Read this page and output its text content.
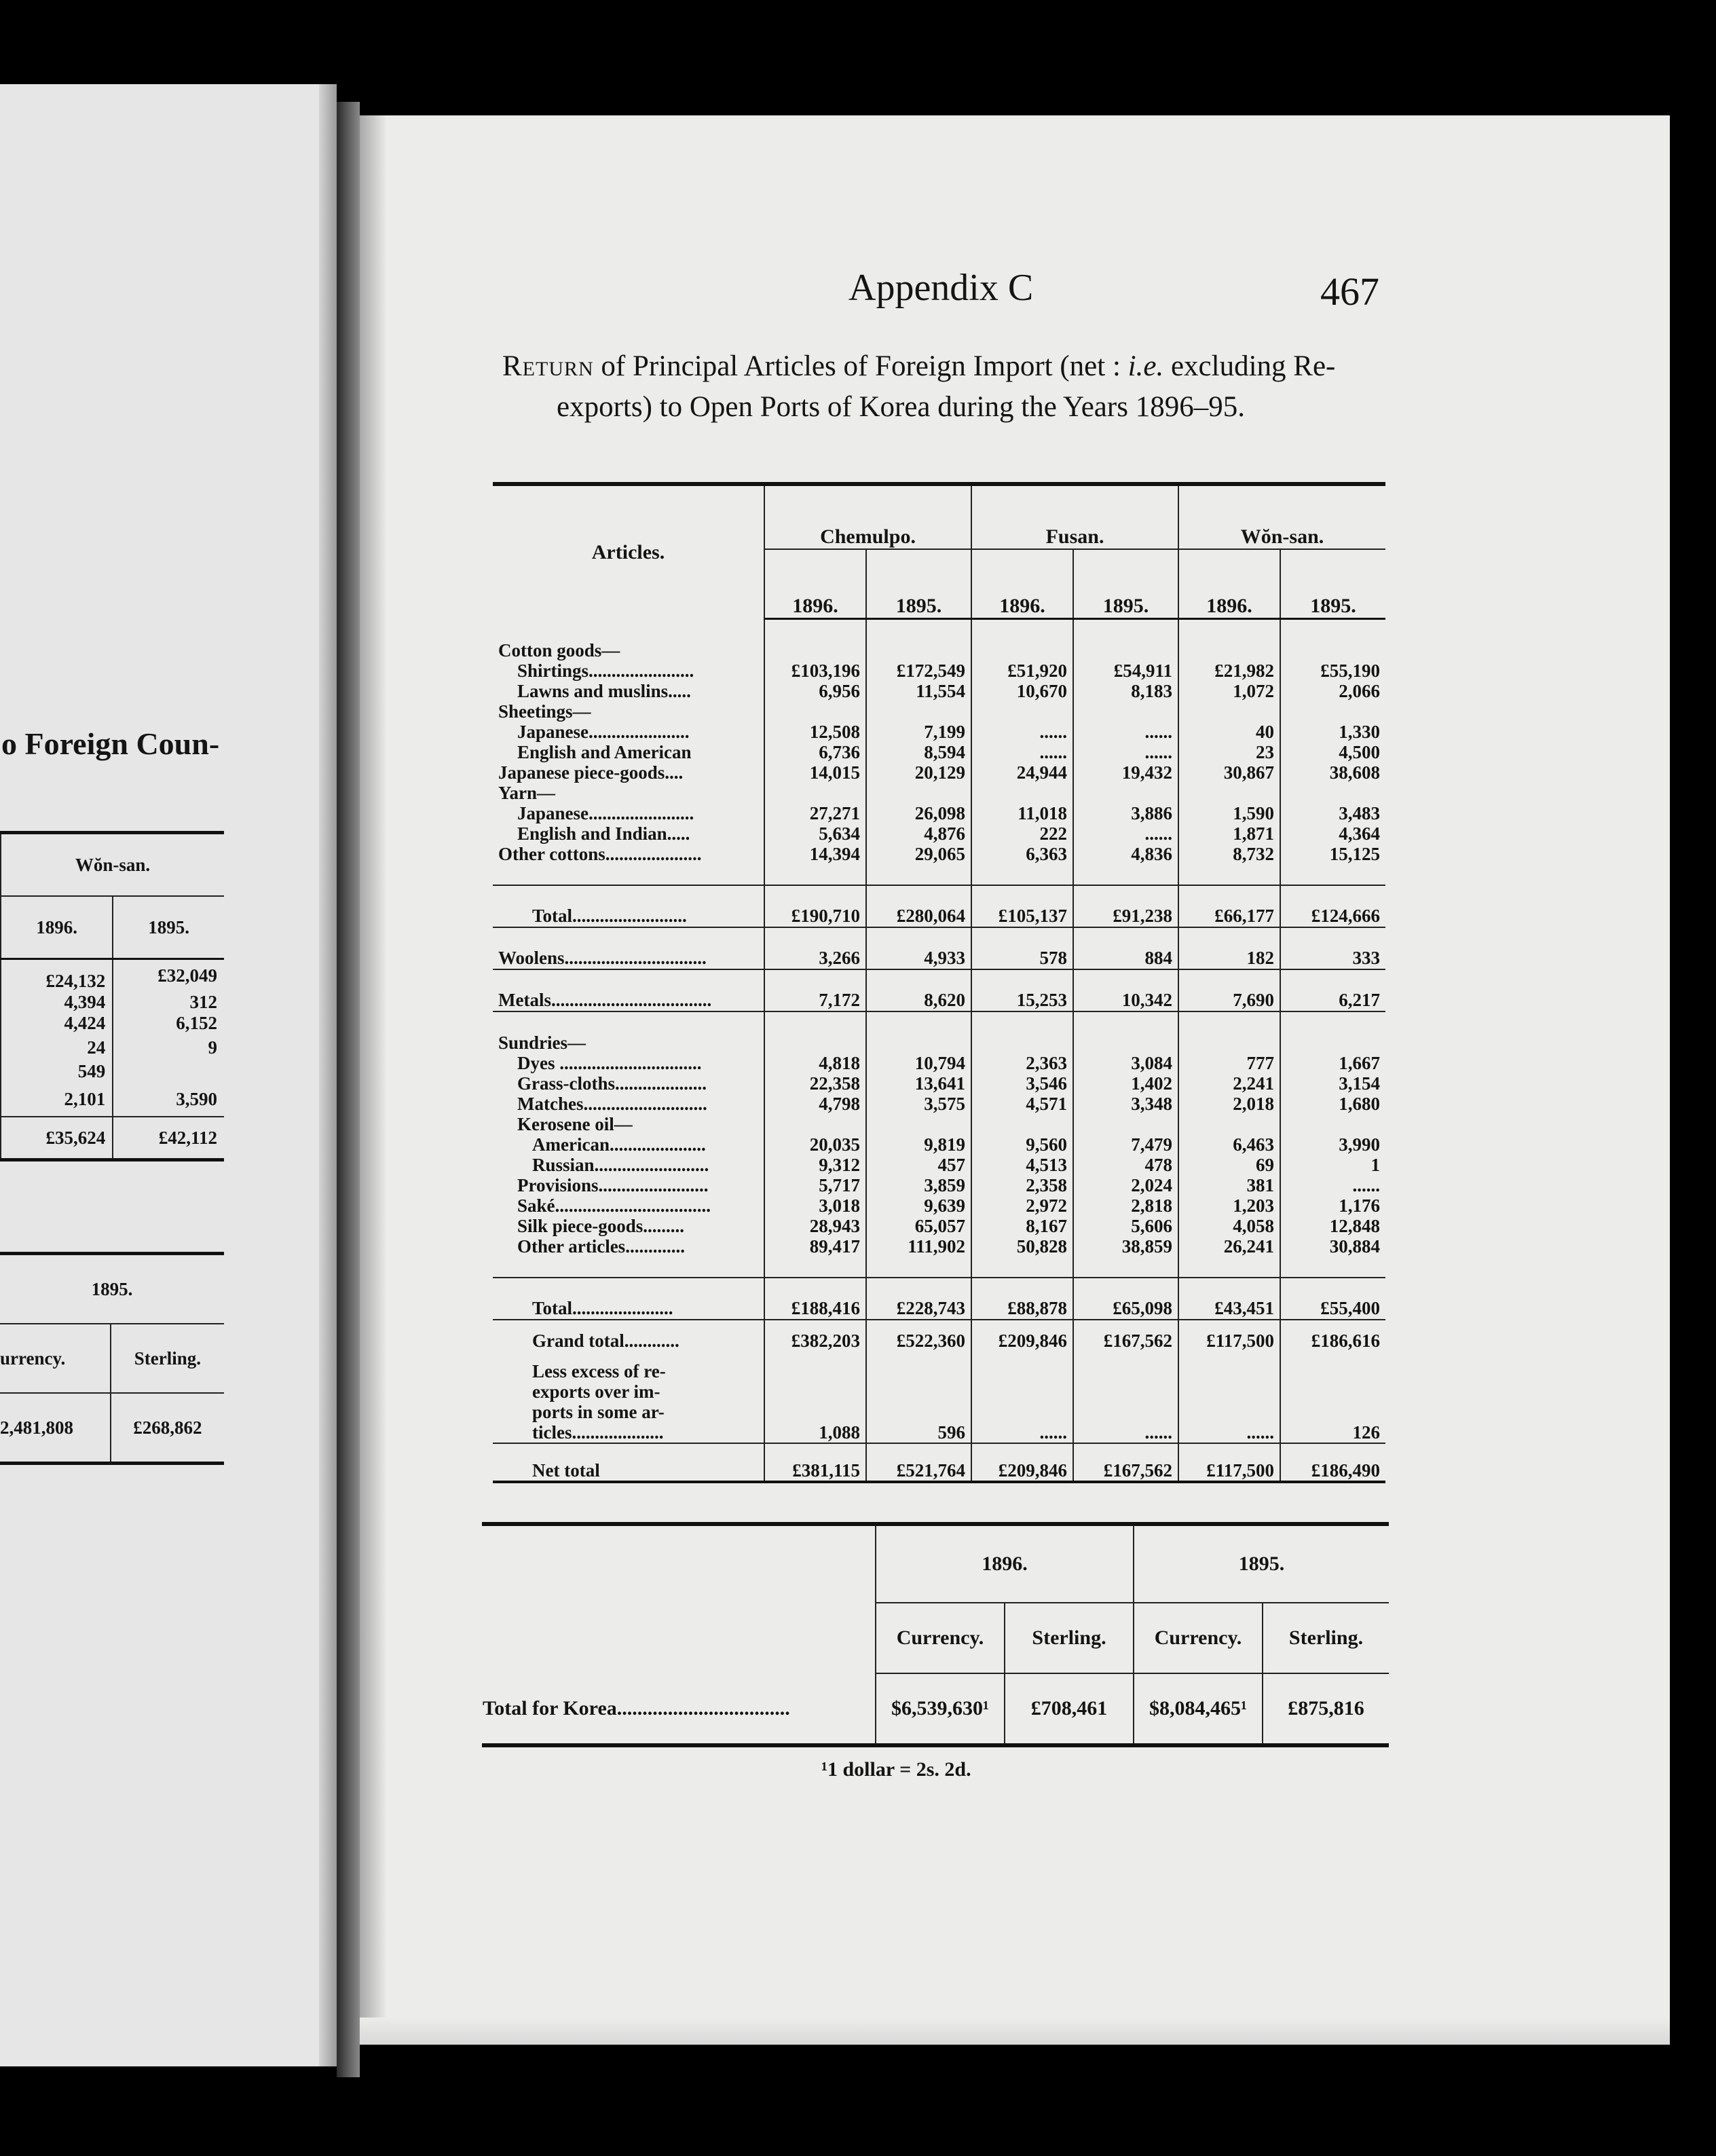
o Foreign Coun-
Wŏn-san.	
1896.	1895.
£24,132	£32,049
4,394	312
4,424	6,152
24	9
549	
2,101	3,590
£35,624	£42,112
1895.	
urrency.	Sterling.
2,481,808	£268,862
Appendix C	467
Return of Principal Articles of Foreign Import (net : i.e. excluding Re-exports) to Open Ports of Korea during the Years 1896–95.
Articles.	Chemulpo.		Fusan.		Wŏn-san.	
	1896.	1895.	1896.	1895.	1896.	1895.

Cotton goods—						
Shirtings.......................	£103,196	£172,549	£51,920	£54,911	£21,982	£55,190
Lawns and muslins.....	6,956	11,554	10,670	8,183	1,072	2,066
Sheetings—						
Japanese......................	12,508	7,199	......	......	40	1,330
English and American	6,736	8,594	......	......	23	4,500
Japanese piece-goods....	14,015	20,129	24,944	19,432	30,867	38,608
Yarn—						
Japanese.......................	27,271	26,098	11,018	3,886	1,590	3,483
English and Indian.....	5,634	4,876	222	......	1,871	4,364
Other cottons.....................	14,394	29,065	6,363	4,836	8,732	15,125

Total.........................	£190,710	£280,064	£105,137	£91,238	£66,177	£124,666
Woolens...............................	3,266	4,933	578	884	182	333
Metals...................................	7,172	8,620	15,253	10,342	7,690	6,217

Sundries—						
Dyes ...............................	4,818	10,794	2,363	3,084	777	1,667
Grass-cloths....................	22,358	13,641	3,546	1,402	2,241	3,154
Matches...........................	4,798	3,575	4,571	3,348	2,018	1,680
Kerosene oil—						
American.....................	20,035	9,819	9,560	7,479	6,463	3,990
Russian.........................	9,312	457	4,513	478	69	1
Provisions........................	5,717	3,859	2,358	2,024	381	......
Saké..................................	3,018	9,639	2,972	2,818	1,203	1,176
Silk piece-goods.........	28,943	65,057	8,167	5,606	4,058	12,848
Other articles.............	89,417	111,902	50,828	38,859	26,241	30,884

Total......................	£188,416	£228,743	£88,878	£65,098	£43,451	£55,400
Grand total............	£382,203	£522,360	£209,846	£167,562	£117,500	£186,616
Less excess of re-						
exports over im-						
ports in some ar-						
ticles....................	1,088	596	......	......	......	126
Net total	£381,115	£521,764	£209,846	£167,562	£117,500	£186,490
	1896.		1895.	
	Currency.	Sterling.	Currency.	Sterling.
Total for Korea..................................	$6,539,630¹	£708,461	$8,084,465¹	£875,816
¹1 dollar = 2s. 2d.
